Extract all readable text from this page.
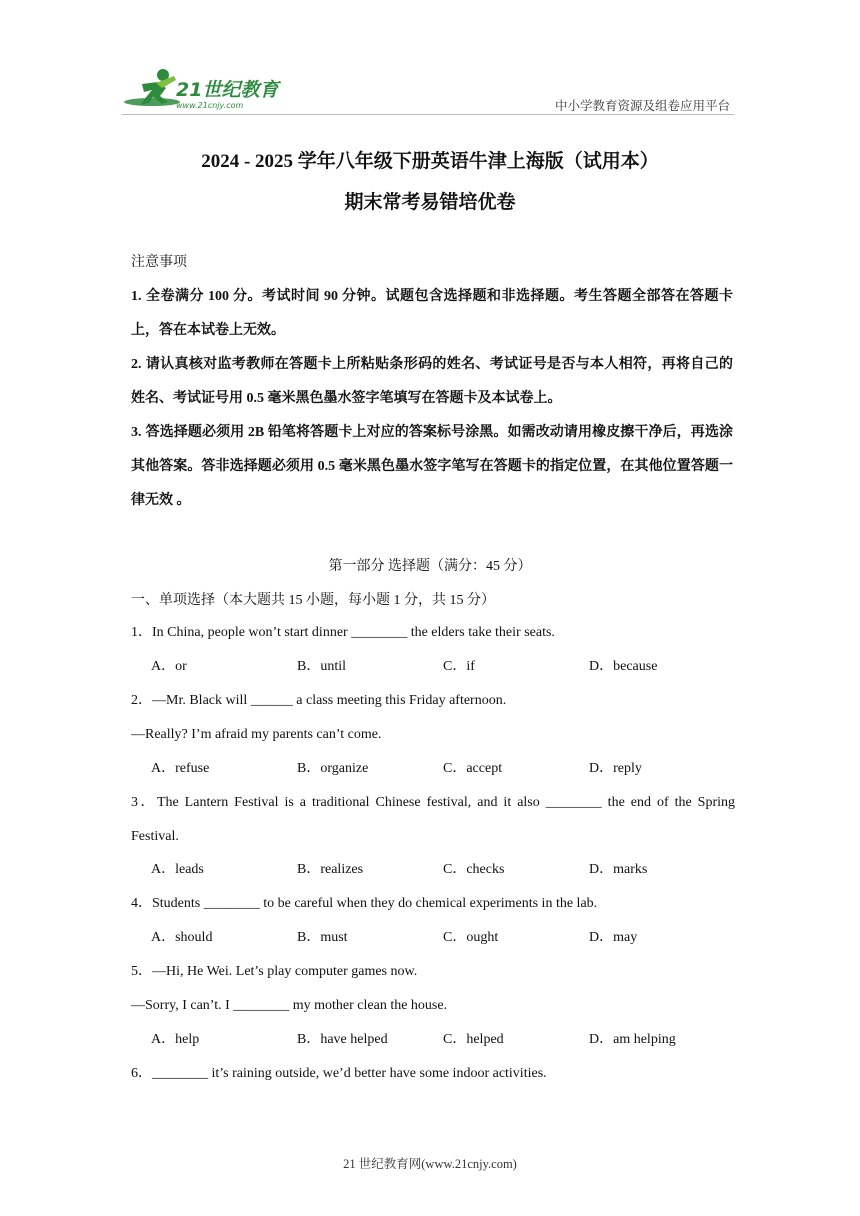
21世纪教育
www.21cnjy.com	中小学教育资源及组卷应用平台
2024 - 2025 学年八年级下册英语牛津上海版（试用本）
期末常考易错培优卷
注意事项
1. 全卷满分 100 分。考试时间 90 分钟。试题包含选择题和非选择题。考生答题全部答在答题卡上，答在本试卷上无效。
2. 请认真核对监考教师在答题卡上所粘贴条形码的姓名、考试证号是否与本人相符，再将自己的姓名、考试证号用 0.5 毫米黑色墨水签字笔填写在答题卡及本试卷上。
3. 答选择题必须用 2B 铅笔将答题卡上对应的答案标号涂黑。如需改动请用橡皮擦干净后，再选涂其他答案。答非选择题必须用 0.5 毫米黑色墨水签字笔写在答题卡的指定位置，在其他位置答题一律无效 。
第一部分 选择题（满分：45 分）
一、单项选择（本大题共 15 小题，每小题 1 分，共 15 分）
1．In China, people won’t start dinner ________ the elders take their seats.
A．or	B．until	C．if	D．because
2．—Mr. Black will ______ a class meeting this Friday afternoon.
—Really? I’m afraid my parents can’t come.
A．refuse	B．organize	C．accept	D．reply
3．The Lantern Festival is a traditional Chinese festival, and it also ________ the end of the Spring Festival.
A．leads	B．realizes	C．checks	D．marks
4．Students ________ to be careful when they do chemical experiments in the lab.
A．should	B．must	C．ought	D．may
5．—Hi, He Wei. Let’s play computer games now.
—Sorry, I can’t. I ________ my mother clean the house.
A．help	B．have helped	C．helped	D．am helping
6．________ it’s raining outside, we’d better have some indoor activities.
21 世纪教育网(www.21cnjy.com)
